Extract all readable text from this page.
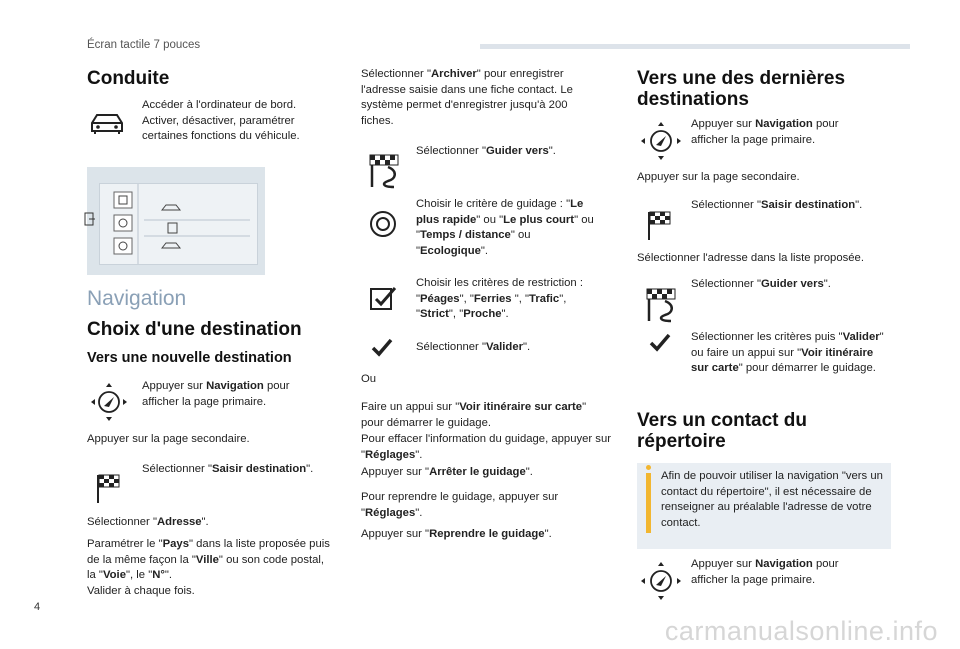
Écran tactile 7 pouces
Conduite
Accéder à l'ordinateur de bord. Activer, désactiver, paramétrer certaines fonctions du véhicule.
Navigation
Choix d'une destination
Vers une nouvelle destination
Appuyer sur Navigation pour afficher la page primaire.
Appuyer sur la page secondaire.
Sélectionner "Saisir destination".
Sélectionner "Adresse".
Paramétrer le "Pays" dans la liste proposée puis de la même façon la "Ville" ou son code postal, la "Voie", le "N°".
Valider à chaque fois.
Sélectionner "Archiver" pour enregistrer l'adresse saisie dans une fiche contact. Le système permet d'enregistrer jusqu'à 200 fiches.
Sélectionner "Guider vers".
Choisir le critère de guidage : "Le plus rapide" ou "Le plus court" ou "Temps / distance" ou "Ecologique".
Choisir les critères de restriction : "Péages", "Ferries ", "Trafic", "Strict", "Proche".
Sélectionner "Valider".
Ou
Faire un appui sur "Voir itinéraire sur carte" pour démarrer le guidage.
Pour effacer l'information du guidage, appuyer sur "Réglages".
Appuyer sur "Arrêter le guidage".
Pour reprendre le guidage, appuyer sur "Réglages".
Appuyer sur "Reprendre le guidage".
Vers une des dernières destinations
Appuyer sur Navigation pour afficher la page primaire.
Appuyer sur la page secondaire.
Sélectionner "Saisir destination".
Sélectionner l'adresse dans la liste proposée.
Sélectionner "Guider vers".
Sélectionner les critères puis "Valider" ou faire un appui sur "Voir itinéraire sur carte" pour démarrer le guidage.
Vers un contact du répertoire
Afin de pouvoir utiliser la navigation "vers un contact du répertoire", il est nécessaire de renseigner au préalable l'adresse de votre contact.
Appuyer sur Navigation pour afficher la page primaire.
4
carmanualsonline.info
